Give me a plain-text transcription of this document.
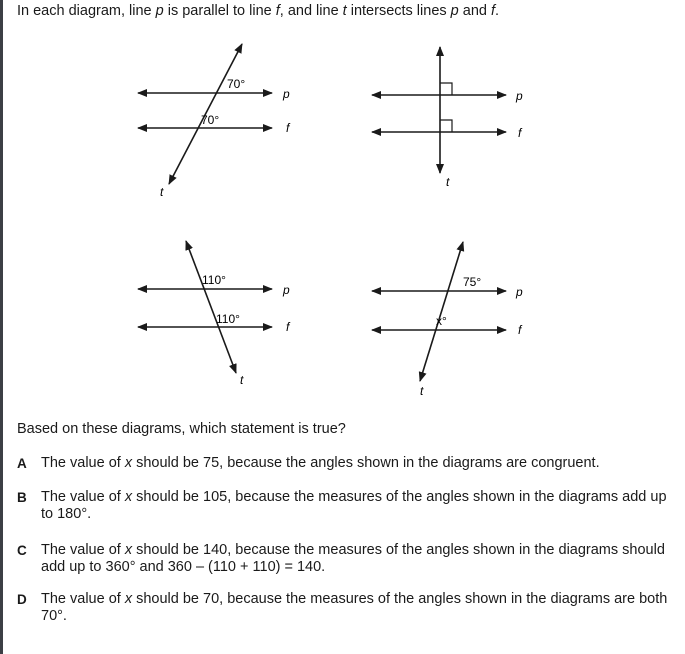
In each diagram, line p is parallel to line f, and line t intersects lines p and f.
70°
70°
p
f
t
p
f
t
110°
110°
p
f
t
75°
x°
p
f
t
Based on these diagrams, which statement is true?
A The value of x should be 75, because the angles shown in the diagrams are congruent.
B The value of x should be 105, because the measures of the angles shown in the diagrams add up to 180°.
C The value of x should be 140, because the measures of the angles shown in the diagrams should add up to 360° and 360 – (110 + 110) = 140.
D The value of x should be 70, because the measures of the angles shown in the diagrams are both 70°.
